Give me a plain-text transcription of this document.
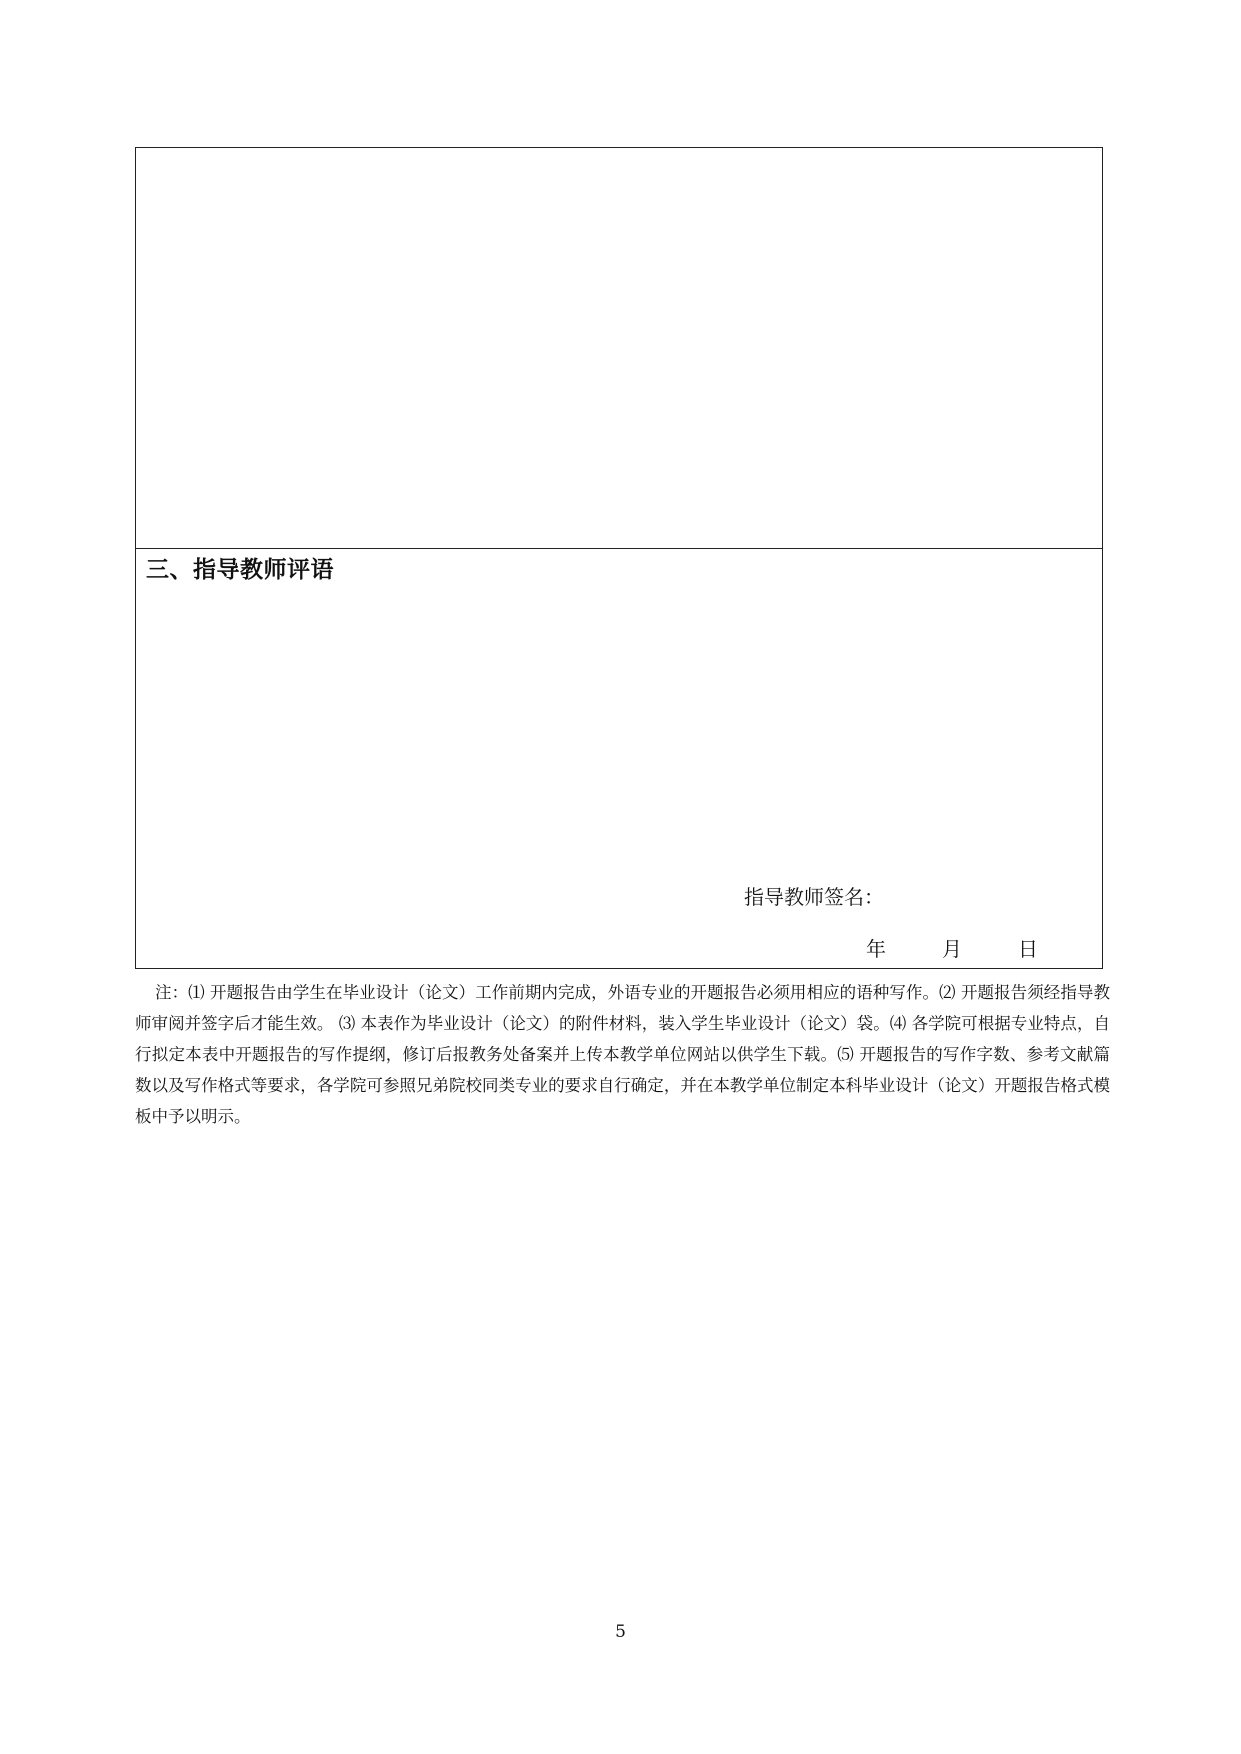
三、指导教师评语
指导教师签名：
年	月	日
注：⑴ 开题报告由学生在毕业设计（论文）工作前期内完成，外语专业的开题报告必须用相应的语种写作。⑵ 开题报告须经指导教师审阅并签字后才能生效。 ⑶ 本表作为毕业设计（论文）的附件材料，装入学生毕业设计（论文）袋。⑷ 各学院可根据专业特点，自行拟定本表中开题报告的写作提纲，修订后报教务处备案并上传本教学单位网站以供学生下载。⑸ 开题报告的写作字数、参考文献篇数以及写作格式等要求，各学院可参照兄弟院校同类专业的要求自行确定，并在本教学单位制定本科毕业设计（论文）开题报告格式模板中予以明示。
5
